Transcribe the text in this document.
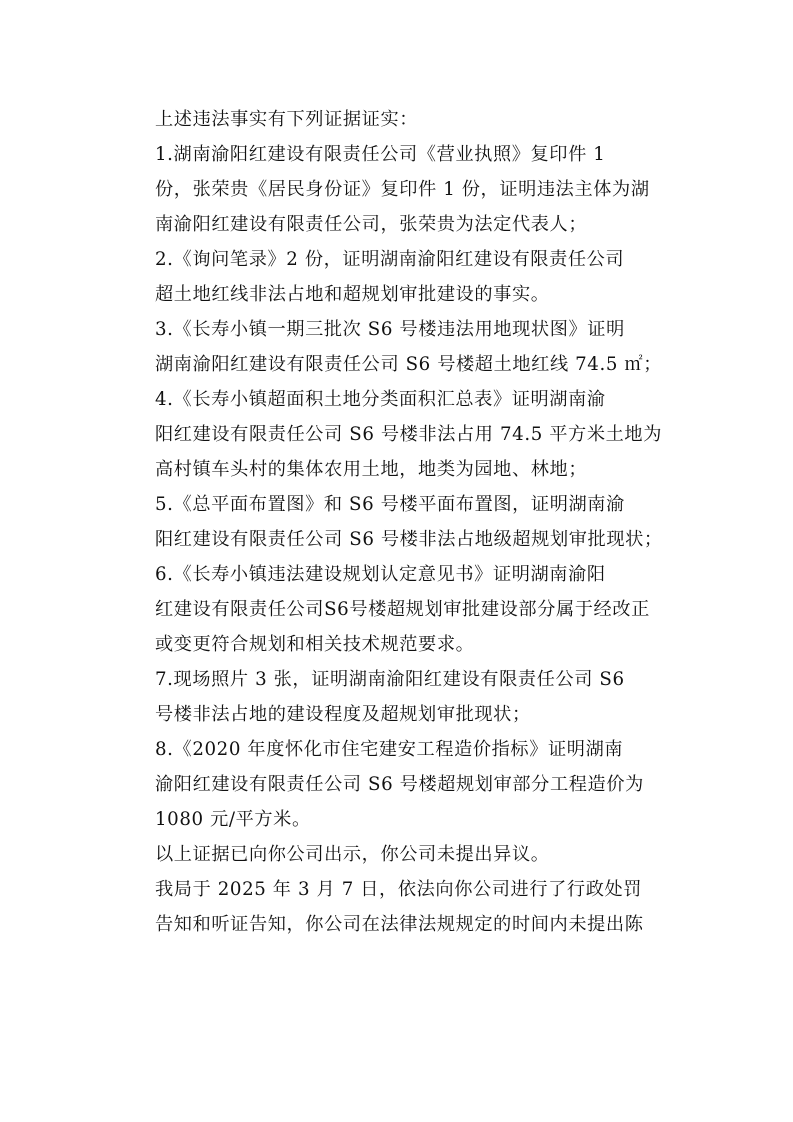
上述违法事实有下列证据证实：

1.湖南渝阳红建设有限责任公司《营业执照》复印件 1
份，张荣贵《居民身份证》复印件 1 份，证明违法主体为湖
南渝阳红建设有限责任公司，张荣贵为法定代表人；

2.《询问笔录》2 份，证明湖南渝阳红建设有限责任公司
超土地红线非法占地和超规划审批建设的事实。

3.《长寿小镇一期三批次 S6 号楼违法用地现状图》证明
湖南渝阳红建设有限责任公司 S6 号楼超土地红线 74.5 ㎡；

4.《长寿小镇超面积土地分类面积汇总表》证明湖南渝
阳红建设有限责任公司 S6 号楼非法占用 74.5 平方米土地为
高村镇车头村的集体农用土地，地类为园地、林地；

5.《总平面布置图》和 S6 号楼平面布置图，证明湖南渝
阳红建设有限责任公司 S6 号楼非法占地级超规划审批现状；

6.《长寿小镇违法建设规划认定意见书》证明湖南渝阳
红建设有限责任公司S6号楼超规划审批建设部分属于经改正
或变更符合规划和相关技术规范要求。

7.现场照片 3 张，证明湖南渝阳红建设有限责任公司 S6
号楼非法占地的建设程度及超规划审批现状；

8.《2020 年度怀化市住宅建安工程造价指标》证明湖南
渝阳红建设有限责任公司 S6 号楼超规划审部分工程造价为
1080 元/平方米。

以上证据已向你公司出示，你公司未提出异议。

我局于 2025 年 3 月 7 日，依法向你公司进行了行政处罚
告知和听证告知，你公司在法律法规规定的时间内未提出陈
